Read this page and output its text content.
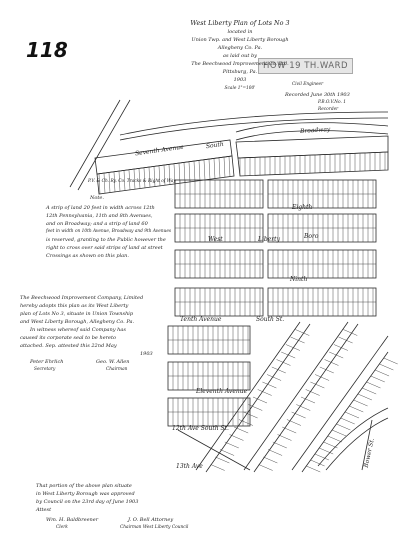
118
HOW 19 TH.WARD
West Liberty Plan of Lots No 3
located in
Union Twp. and West Liberty Borough
Allegheny Co. Pa.
as laid out by
The Beechwood Improvement Co. Ltd.
Pittsburg, Pa.
1903
Scale 1"=100'
Civil Engineer
Recorded June 30th 1903
P.B.O.V.No. 1
Recorder
Seventh Avenue	South
Broadway
Eighth
West	Liberty	Boro
Ninth
Tenth Avenue	South St.
Eleventh Avenue
12th Ave South St.
13th Ave	Bower St.
P.V. & Ch. Ry. Co. Tracks & Right of Way
Note.
A strip of land 20 feet in width across 12th
12th Pennsylvania, 11th and 8th Avenues,
and on Broadway; and a strip of land 60
feet in width on 10th Avenue, Broadway and 9th Avenues
is reserved, granting to the Public however the
right to cross over said strips of land at street
Crossings as shown on this plan.
The Beechwood Improvement Company, Limited
hereby adopts this plan as its West Liberty
plan of Lots No 3, situate in Union Township
and West Liberty Borough, Allegheny Co. Pa.
In witness whereof said Company has
caused its corporate seal to be hereto
attached. Sep. attested this 22nd May
1903
Peter Ehrlich
Secretary
Geo. W. Allen
Chairman
That portion of the above plan situate
in West Liberty Borough was approved
by Council on the 23rd day of June 1903
Attest
Wm. H. Baldbreener
Clerk
J. O. Bell Attorney
Chairman West Liberty Council
